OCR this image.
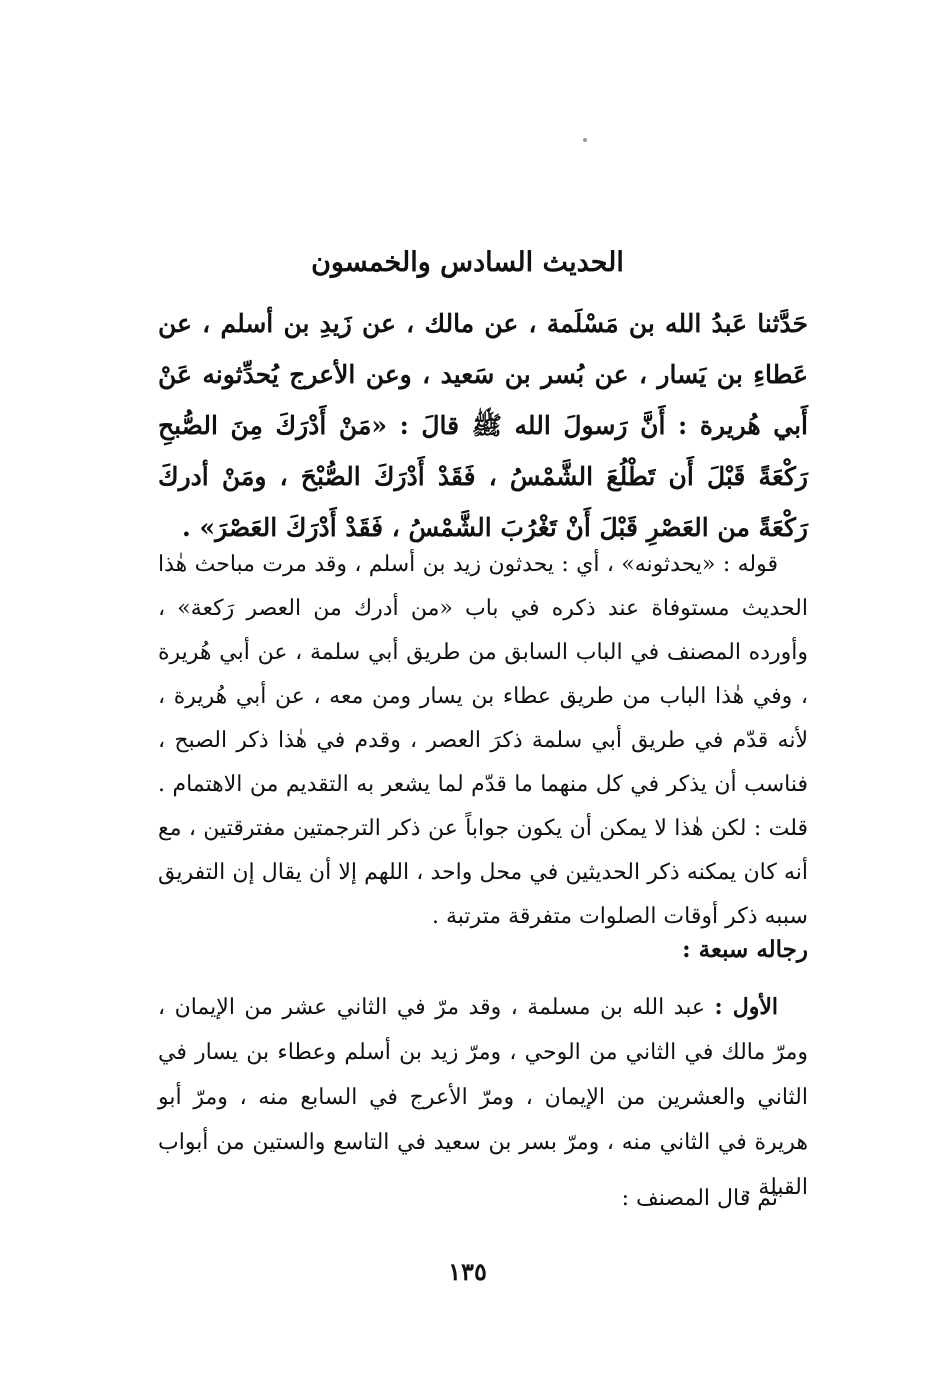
الحديث السادس والخمسون

حَدَّثنا عَبدُ الله بن مَسْلَمة ، عن مالك ، عن زَيدِ بن أسلم ، عن عَطاءِ بن يَسار ، عن بُسر بن سَعيد ، وعن الأعرج يُحدِّثونه عَنْ أَبي هُريرة : أَنَّ رَسولَ الله ﷺ قالَ : «مَنْ أَدْرَكَ مِنَ الصُّبحِ رَكْعَةً قَبْلَ أَن تَطْلُعَ الشَّمْسُ ، فَقَدْ أَدْرَكَ الصُّبْحَ ، ومَنْ أدركَ رَكْعَةً من العَصْرِ قَبْلَ أَنْ تَغْرُبَ الشَّمْسُ ، فَقَدْ أَدْرَكَ العَصْرَ» .

قوله : «يحدثونه» ، أي : يحدثون زيد بن أسلم ، وقد مرت مباحث هٰذا الحديث مستوفاة عند ذكره في باب «من أدرك من العصر رَكعة» ، وأورده المصنف في الباب السابق من طريق أبي سلمة ، عن أبي هُريرة ، وفي هٰذا الباب من طريق عطاء بن يسار ومن معه ، عن أبي هُريرة ، لأنه قدّم في طريق أبي سلمة ذكرَ العصر ، وقدم في هٰذا ذكر الصبح ، فناسب أن يذكر في كل منهما ما قدّم لما يشعر به التقديم من الاهتمام . قلت : لكن هٰذا لا يمكن أن يكون جواباً عن ذكر الترجمتين مفترقتين ، مع أنه كان يمكنه ذكر الحديثين في محل واحد ، اللهم إلا أن يقال إن التفريق سببه ذكر أوقات الصلوات متفرقة مترتبة .

رجاله سبعة :

الأول : عبد الله بن مسلمة ، وقد مرّ في الثاني عشر من الإيمان ، ومرّ مالك في الثاني من الوحي ، ومرّ زيد بن أسلم وعطاء بن يسار في الثاني والعشرين من الإيمان ، ومرّ الأعرج في السابع منه ، ومرّ أبو هريرة في الثاني منه ، ومرّ بسر بن سعيد في التاسع والستين من أبواب القبلة .

ثم قال المصنف :

١٣٥
